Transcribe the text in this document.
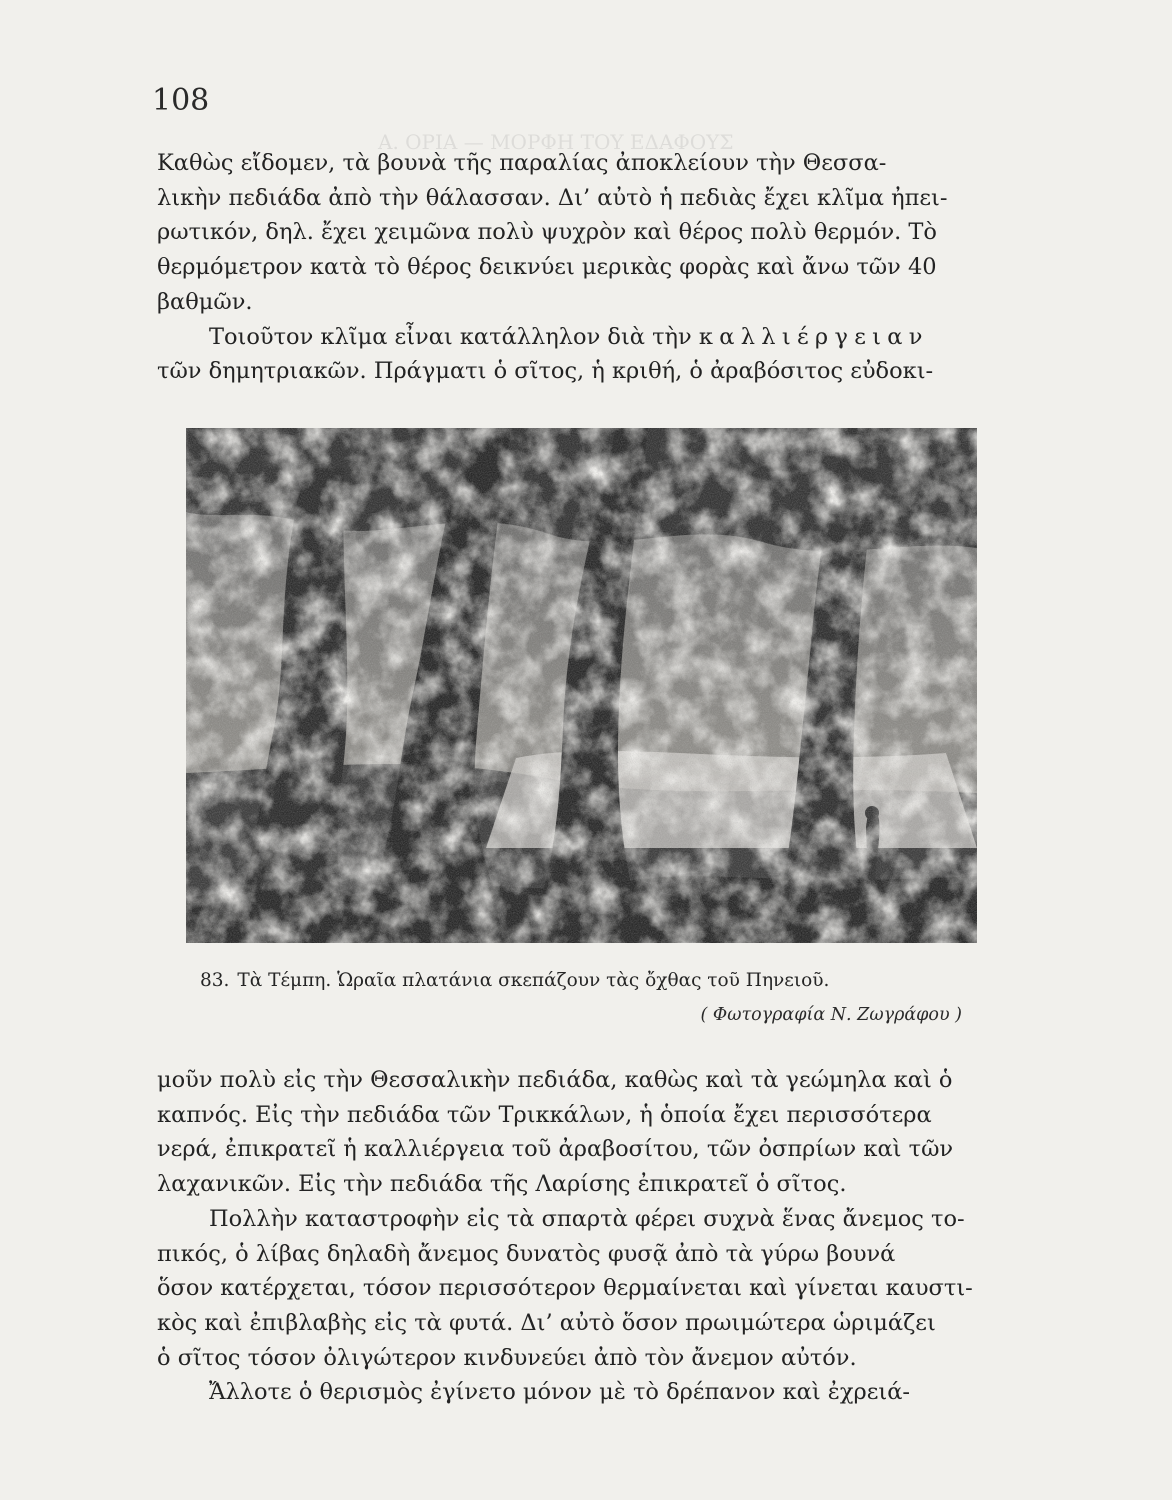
Α. ΟΡΙΑ — ΜΟΡΦΗ ΤΟΥ ΕΔΑΦΟΥΣ
108

Καθὼς εἴδομεν, τὰ βουνὰ τῆς παραλίας ἀποκλείουν τὴν Θεσσα-
λικὴν πεδιάδα ἀπὸ τὴν θάλασσαν. Δι’ αὐτὸ ἡ πεδιὰς ἔχει κλῖμα ἠπει-
ρωτικόν, δηλ. ἔχει χειμῶνα πολὺ ψυχρὸν καὶ θέρος πολὺ θερμόν. Τὸ
θερμόμετρον κατὰ τὸ θέρος δεικνύει μερικὰς φορὰς καὶ ἄνω τῶν 40
βαθμῶν.

Τοιοῦτον κλῖμα εἶναι κατάλληλον διὰ τὴν καλλιέργειαν
τῶν δημητριακῶν. Πράγματι ὁ σῖτος, ἡ κριθή, ὁ ἀραβόσιτος εὐδοκι-

83. Τὰ Τέμπη. Ὡραῖα πλατάνια σκεπάζουν τὰς ὄχθας τοῦ Πηνειοῦ.
( Φωτογραφία Ν. Ζωγράφου )

μοῦν πολὺ εἰς τὴν Θεσσαλικὴν πεδιάδα, καθὼς καὶ τὰ γεώμηλα καὶ ὁ
καπνός. Εἰς τὴν πεδιάδα τῶν Τρικκάλων, ἡ ὁποία ἔχει περισσότερα
νερά, ἐπικρατεῖ ἡ καλλιέργεια τοῦ ἀραβοσίτου, τῶν ὀσπρίων καὶ τῶν
λαχανικῶν. Εἰς τὴν πεδιάδα τῆς Λαρίσης ἐπικρατεῖ ὁ σῖτος.

Πολλὴν καταστροφὴν εἰς τὰ σπαρτὰ φέρει συχνὰ ἕνας ἄνεμος το-
πικός, ὁ λίβας δηλαδὴ ἄνεμος δυνατὸς φυσᾷ ἀπὸ τὰ γύρω βουνά
ὅσον κατέρχεται, τόσον περισσότερον θερμαίνεται καὶ γίνεται καυστι-
κὸς καὶ ἐπιβλαβὴς εἰς τὰ φυτά. Δι’ αὐτὸ ὅσον πρωιμώτερα ὡριμάζει
ὁ σῖτος τόσον ὀλιγώτερον κινδυνεύει ἀπὸ τὸν ἄνεμον αὐτόν.

Ἄλλοτε ὁ θερισμὸς ἐγίνετο μόνον μὲ τὸ δρέπανον καὶ ἐχρειά-
